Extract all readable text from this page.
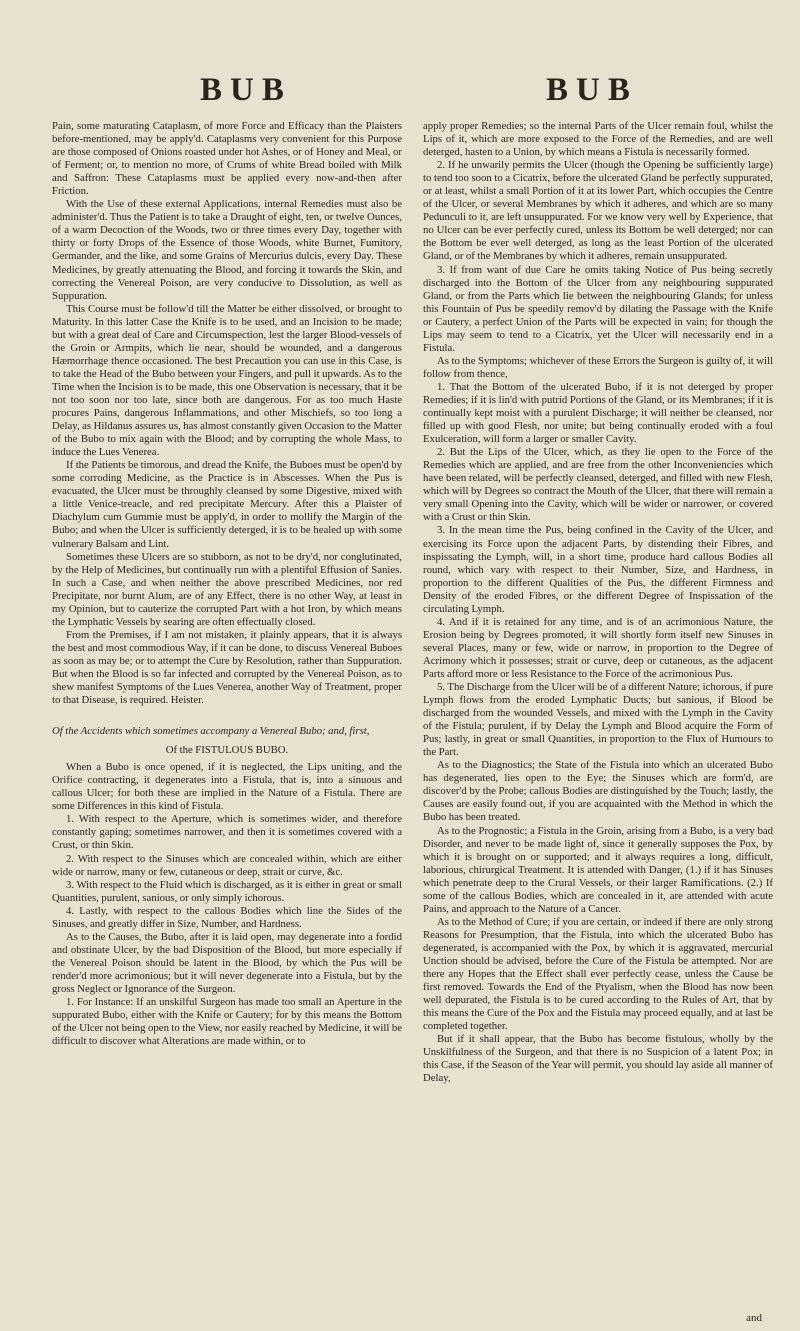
BUB	BUB

Pain, some maturating Cataplasm, of more Force and Efficacy than the Plaisters before-mentioned, may be apply'd. Cataplasms very convenient for this Purpose are those composed of Onions roasted under hot Ashes, or of Honey and Meal, or of Ferment; or, to mention no more, of Crums of white Bread boiled with Milk and Saffron: These Cataplasms must be applied every now-and-then after Friction.

With the Use of these external Applications, internal Remedies must also be administer'd. Thus the Patient is to take a Draught of eight, ten, or twelve Ounces, of a warm Decoction of the Woods, two or three times every Day, together with thirty or forty Drops of the Essence of those Woods, white Burnet, Fumitory, Germander, and the like, and some Grains of Mercurius dulcis, every Day. These Medicines, by greatly attenuating the Blood, and forcing it towards the Skin, and correcting the Venereal Poison, are very conducive to Dissolution, as well as Suppuration.

This Course must be follow'd till the Matter be either dissolved, or brought to Maturity. In this latter Case the Knife is to be used, and an Incision to be made; but with a great deal of Care and Circumspection, lest the larger Blood-vessels of the Groin or Armpits, which lie near, should be wounded, and a dangerous Hæmorrhage thence occasioned. The best Precaution you can use in this Case, is to take the Head of the Bubo between your Fingers, and pull it upwards. As to the Time when the Incision is to be made, this one Observation is necessary, that it be not too soon nor too late, since both are dangerous. For as too much Haste procures Pains, dangerous Inflammations, and other Mischiefs, so too long a Delay, as Hildanus assures us, has almost constantly given Occasion to the Matter of the Bubo to mix again with the Blood; and by corrupting the whole Mass, to induce the Lues Venerea.

If the Patients be timorous, and dread the Knife, the Buboes must be open'd by some corroding Medicine, as the Practice is in Abscesses. When the Pus is evacuated, the Ulcer must be throughly cleansed by some Digestive, mixed with a little Venice-treacle, and red precipitate Mercury. After this a Plaister of Diachylum cum Gummie must be apply'd, in order to mollify the Margin of the Bubo; and when the Ulcer is sufficiently deterged, it is to be healed up with some vulnerary Balsam and Lint.

Sometimes these Ulcers are so stubborn, as not to be dry'd, nor conglutinated, by the Help of Medicines, but continually run with a plentiful Effusion of Sanies. In such a Case, and when neither the above prescribed Medicines, nor red Precipitate, nor burnt Alum, are of any Effect, there is no other Way, at least in my Opinion, but to cauterize the corrupted Part with a hot Iron, by which means the Lymphatic Vessels by searing are often effectually closed.

From the Premises, if I am not mistaken, it plainly appears, that it is always the best and most commodious Way, if it can be done, to discuss Venereal Buboes as soon as may be; or to attempt the Cure by Resolution, rather than Suppuration. But when the Blood is so far infected and corrupted by the Venereal Poison, as to shew manifest Symptoms of the Lues Venerea, another Way of Treatment, proper to that Disease, is required. Heister.

Of the Accidents which sometimes accompany a Venereal Bubo; and, first,

Of the FISTULOUS BUBO.

When a Bubo is once opened, if it is neglected, the Lips uniting, and the Orifice contracting, it degenerates into a Fistula, that is, into a sinuous and callous Ulcer; for both these are implied in the Nature of a Fistula. There are some Differences in this kind of Fistula.

1. With respect to the Aperture, which is sometimes wider, and therefore constantly gaping; sometimes narrower, and then it is sometimes covered with a Crust, or thin Skin.

2. With respect to the Sinuses which are concealed within, which are either wide or narrow, many or few, cutaneous or deep, strait or curve, &c.

3. With respect to the Fluid which is discharged, as it is either in great or small Quantities, purulent, sanious, or only simply ichorous.

4. Lastly, with respect to the callous Bodies which line the Sides of the Sinuses, and greatly differ in Size, Number, and Hardness.

As to the Causes, the Bubo, after it is laid open, may degenerate into a fordid and obstinate Ulcer, by the bad Disposition of the Blood, but more especially if the Venereal Poison should be latent in the Blood, by which the Pus will be render'd more acrimonious; but it will never degenerate into a Fistula, but by the gross Neglect or Ignorance of the Surgeon.

1. For Instance: If an unskilful Surgeon has made too small an Aperture in the suppurated Bubo, either with the Knife or Cautery; for by this means the Bottom of the Ulcer not being open to the View, nor easily reached by Medicine, it will be difficult to discover what Alterations are made within, or to

apply proper Remedies; so the internal Parts of the Ulcer remain foul, whilst the Lips of it, which are more exposed to the Force of the Remedies, and are well deterged, hasten to a Union, by which means a Fistula is necessarily formed.

2. If he unwarily permits the Ulcer (though the Opening be sufficiently large) to tend too soon to a Cicatrix, before the ulcerated Gland be perfectly suppurated, or at least, whilst a small Portion of it at its lower Part, which occupies the Centre of the Ulcer, or several Membranes by which it adheres, and which are so many Pedunculi to it, are left unsuppurated. For we know very well by Experience, that no Ulcer can be ever perfectly cured, unless its Bottom be well deterged; nor can the Bottom be ever well deterged, as long as the least Portion of the ulcerated Gland, or of the Membranes by which it adheres, remain unsuppurated.

3. If from want of due Care he omits taking Notice of Pus being secretly discharged into the Bottom of the Ulcer from any neighbouring suppurated Gland, or from the Parts which lie between the neighbouring Glands; for unless this Fountain of Pus be speedily remov'd by dilating the Passage with the Knife or Cautery, a perfect Union of the Parts will be expected in vain; for though the Lips may seem to tend to a Cicatrix, yet the Ulcer will necessarily end in a Fistula.

As to the Symptoms; whichever of these Errors the Surgeon is guilty of, it will follow from thence,

1. That the Bottom of the ulcerated Bubo, if it is not deterged by proper Remedies; if it is lin'd with putrid Portions of the Gland, or its Membranes; if it is continually kept moist with a purulent Discharge; it will neither be cleansed, nor filled up with good Flesh, nor unite; but being continually eroded with a foul Exulceration, will form a larger or smaller Cavity.

2. But the Lips of the Ulcer, which, as they lie open to the Force of the Remedies which are applied, and are free from the other Inconveniencies which have been related, will be perfectly cleansed, deterged, and filled with new Flesh, which will by Degrees so contract the Mouth of the Ulcer, that there will remain a very small Opening into the Cavity, which will be wider or narrower, or covered with a Crust or thin Skin.

3. In the mean time the Pus, being confined in the Cavity of the Ulcer, and exercising its Force upon the adjacent Parts, by distending their Fibres, and inspissating the Lymph, will, in a short time, produce hard callous Bodies all round, which vary with respect to their Number, Size, and Hardness, in proportion to the different Qualities of the Pus, the different Firmness and Density of the eroded Fibres, or the different Degree of Inspissation of the circulating Lymph.

4. And if it is retained for any time, and is of an acrimonious Nature, the Erosion being by Degrees promoted, it will shortly form itself new Sinuses in several Places, many or few, wide or narrow, in proportion to the Degree of Acrimony which it possesses; strait or curve, deep or cutaneous, as the adjacent Parts afford more or less Resistance to the Force of the acrimonious Pus.

5. The Discharge from the Ulcer will be of a different Nature; ichorous, if pure Lymph flows from the eroded Lymphatic Ducts; but sanious, if Blood be discharged from the wounded Vessels, and mixed with the Lymph in the Cavity of the Fistula; purulent, if by Delay the Lymph and Blood acquire the Form of Pus; lastly, in great or small Quantities, in proportion to the Flux of Humours to the Part.

As to the Diagnostics; the State of the Fistula into which an ulcerated Bubo has degenerated, lies open to the Eye; the Sinuses which are form'd, are discover'd by the Probe; callous Bodies are distinguished by the Touch; lastly, the Causes are easily found out, if you are acquainted with the Method in which the Bubo has been treated.

As to the Prognostic; a Fistula in the Groin, arising from a Bubo, is a very bad Disorder, and never to be made light of, since it generally supposes the Pox, by which it is brought on or supported; and it always requires a long, difficult, laborious, chirurgical Treatment. It is attended with Danger, (1.) if it has Sinuses which penetrate deep to the Crural Vessels, or their larger Ramifications. (2.) If some of the callous Bodies, which are concealed in it, are attended with acute Pains, and approach to the Nature of a Cancer.

As to the Method of Cure; if you are certain, or indeed if there are only strong Reasons for Presumption, that the Fistula, into which the ulcerated Bubo has degenerated, is accompanied with the Pox, by which it is aggravated, mercurial Unction should be advised, before the Cure of the Fistula be attempted. Nor are there any Hopes that the Effect shall ever perfectly cease, unless the Cause be first removed. Towards the End of the Ptyalism, when the Blood has now been well depurated, the Fistula is to be cured according to the Rules of Art, that by this means the Cure of the Pox and the Fistula may proceed equally, and at last be completed together.

But if it shall appear, that the Bubo has become fistulous, wholly by the Unskilfulness of the Surgeon, and that there is no Suspicion of a latent Pox; in this Case, if the Season of the Year will permit, you should lay aside all manner of Delay,

and
